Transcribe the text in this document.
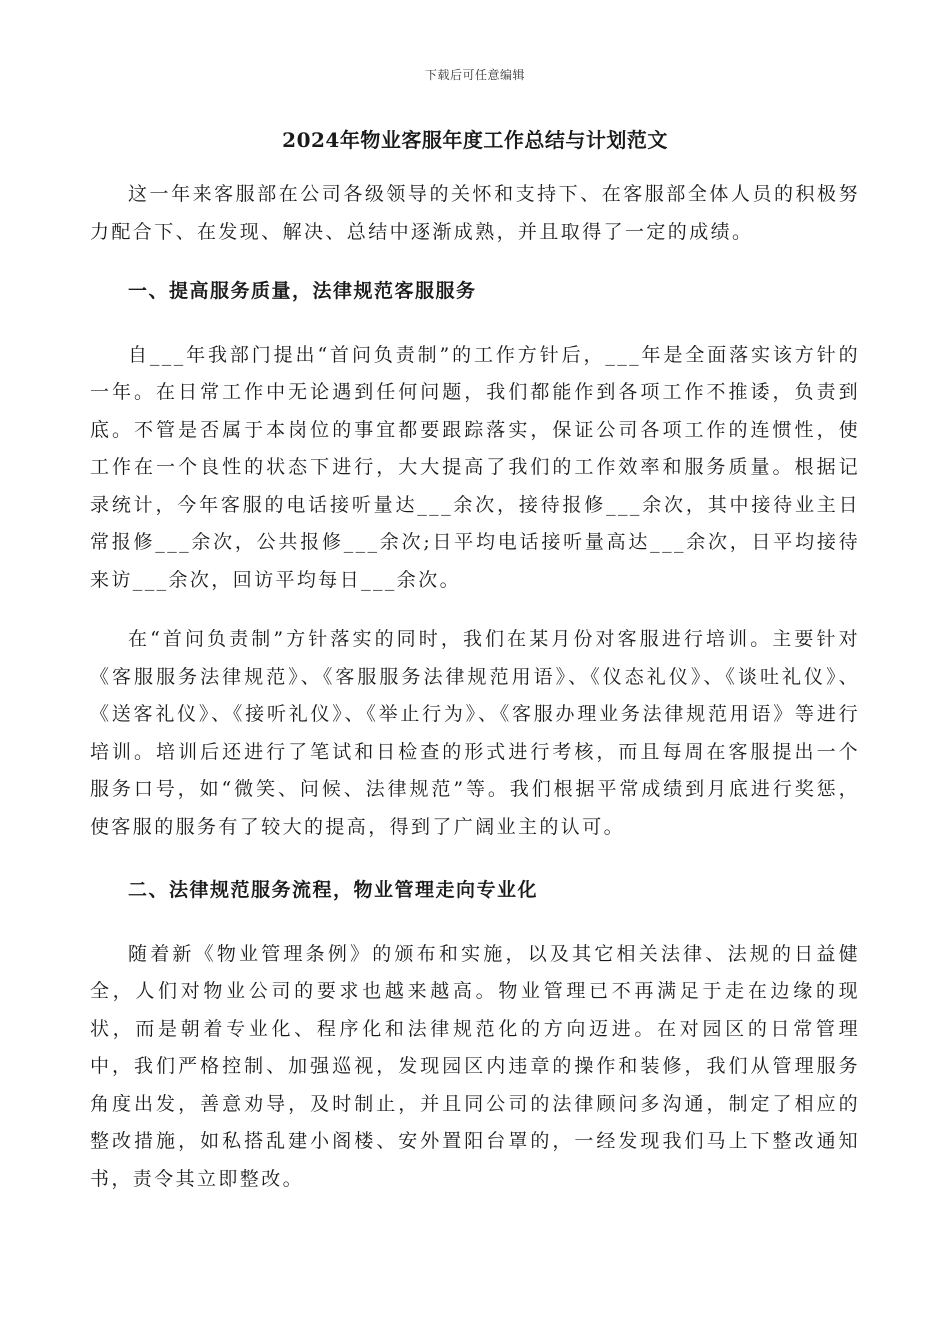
下载后可任意编辑
2024年物业客服年度工作总结与计划范文

这一年来客服部在公司各级领导的关怀和支持下、在客服部全体人员的积极努力配合下、在发现、解决、总结中逐渐成熟，并且取得了一定的成绩。

一、提高服务质量，法律规范客服服务

自___年我部门提出“首问负责制”的工作方针后，___年是全面落实该方针的一年。在日常工作中无论遇到任何问题，我们都能作到各项工作不推诿，负责到底。不管是否属于本岗位的事宜都要跟踪落实，保证公司各项工作的连惯性，使工作在一个良性的状态下进行，大大提高了我们的工作效率和服务质量。根据记录统计，今年客服的电话接听量达___余次，接待报修___余次，其中接待业主日常报修___余次，公共报修___余次;日平均电话接听量高达___余次，日平均接待来访___余次，回访平均每日___余次。

在“首问负责制”方针落实的同时，我们在某月份对客服进行培训。主要针对《客服服务法律规范》、《客服服务法律规范用语》、《仪态礼仪》、《谈吐礼仪》、《送客礼仪》、《接听礼仪》、《举止行为》、《客服办理业务法律规范用语》等进行培训。培训后还进行了笔试和日检查的形式进行考核，而且每周在客服提出一个服务口号，如“微笑、问候、法律规范”等。我们根据平常成绩到月底进行奖惩，使客服的服务有了较大的提高，得到了广阔业主的认可。

二、法律规范服务流程，物业管理走向专业化

随着新《物业管理条例》的颁布和实施，以及其它相关法律、法规的日益健全，人们对物业公司的要求也越来越高。物业管理已不再满足于走在边缘的现状，而是朝着专业化、程序化和法律规范化的方向迈进。在对园区的日常管理中，我们严格控制、加强巡视，发现园区内违章的操作和装修，我们从管理服务角度出发，善意劝导，及时制止，并且同公司的法律顾问多沟通，制定了相应的整改措施，如私搭乱建小阁楼、安外置阳台罩的，一经发现我们马上下整改通知书，责令其立即整改。
